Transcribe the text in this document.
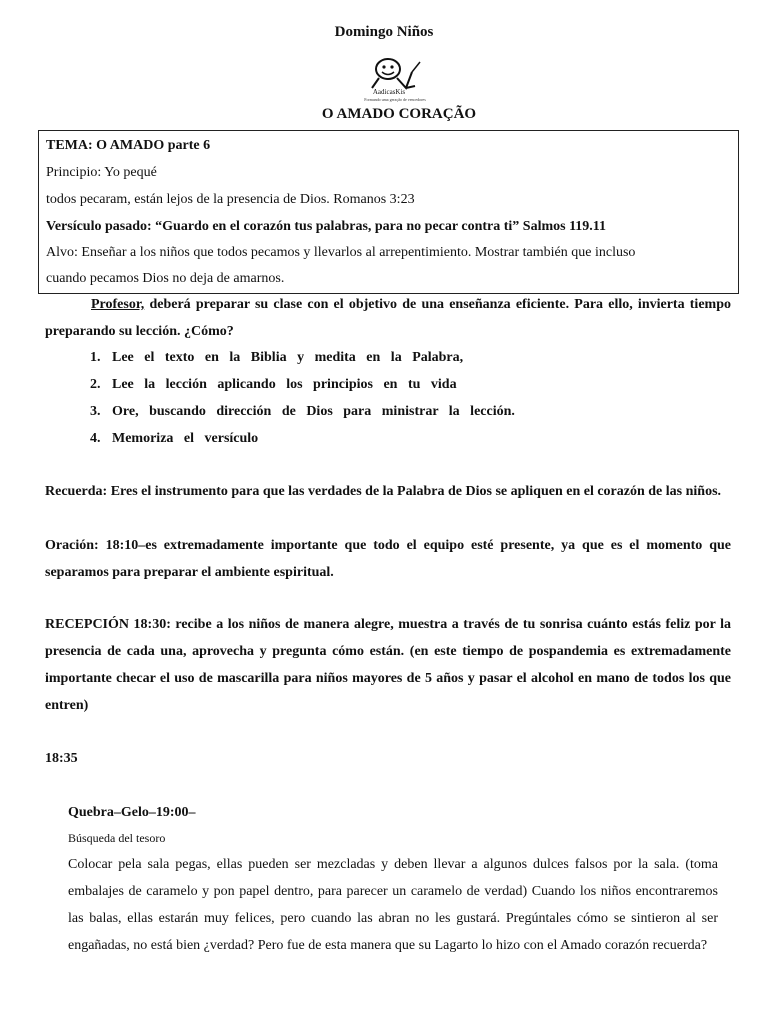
Domingo Niños
AadicasKis
Formando uma geração de vencedores
O AMADO CORAÇÃO
TEMA: O AMADO parte 6
Principio: Yo pequé
todos pecaram, están lejos de la presencia de Dios. Romanos 3:23
Versículo pasado: “Guardo en el corazón tus palabras, para no pecar contra ti” Salmos 119.11
Alvo: Enseñar a los niños que todos pecamos y llevarlos al arrepentimiento. Mostrar también que incluso
cuando pecamos Dios no deja de amarnos.
Profesor, deberá preparar su clase con el objetivo de una enseñanza eficiente. Para ello, invierta tiempo preparando su lección. ¿Cómo?
1. Lee el texto en la Biblia y medita en la Palabra,
2. Lee la lección aplicando los principios en tu vida
3. Ore, buscando dirección de Dios para ministrar la lección.
4. Memoriza el versículo
Recuerda: Eres el instrumento para que las verdades de la Palabra de Dios se apliquen en el corazón de las niños.
Oración: 18:10–es extremadamente importante que todo el equipo esté presente, ya que es el momento que separamos para preparar el ambiente espiritual.
RECEPCIÓN 18:30: recibe a los niños de manera alegre, muestra a través de tu sonrisa cuánto estás feliz por la presencia de cada una, aprovecha y pregunta cómo están. (en este tiempo de pospandemia es extremadamente importante checar el uso de mascarilla para niños mayores de 5 años y pasar el alcohol en mano de todos los que entren)
18:35
Quebra–Gelo–19:00–
Búsqueda del tesoro
Colocar pela sala pegas, ellas pueden ser mezcladas y deben llevar a algunos dulces falsos por la sala. (toma embalajes de caramelo y pon papel dentro, para parecer un caramelo de verdad) Cuando los niños encontraremos las balas, ellas estarán muy felices, pero cuando las abran no les gustará. Pregúntales cómo se sintieron al ser engañadas, no está bien ¿verdad? Pero fue de esta manera que su Lagarto lo hizo con el Amado corazón recuerda?
